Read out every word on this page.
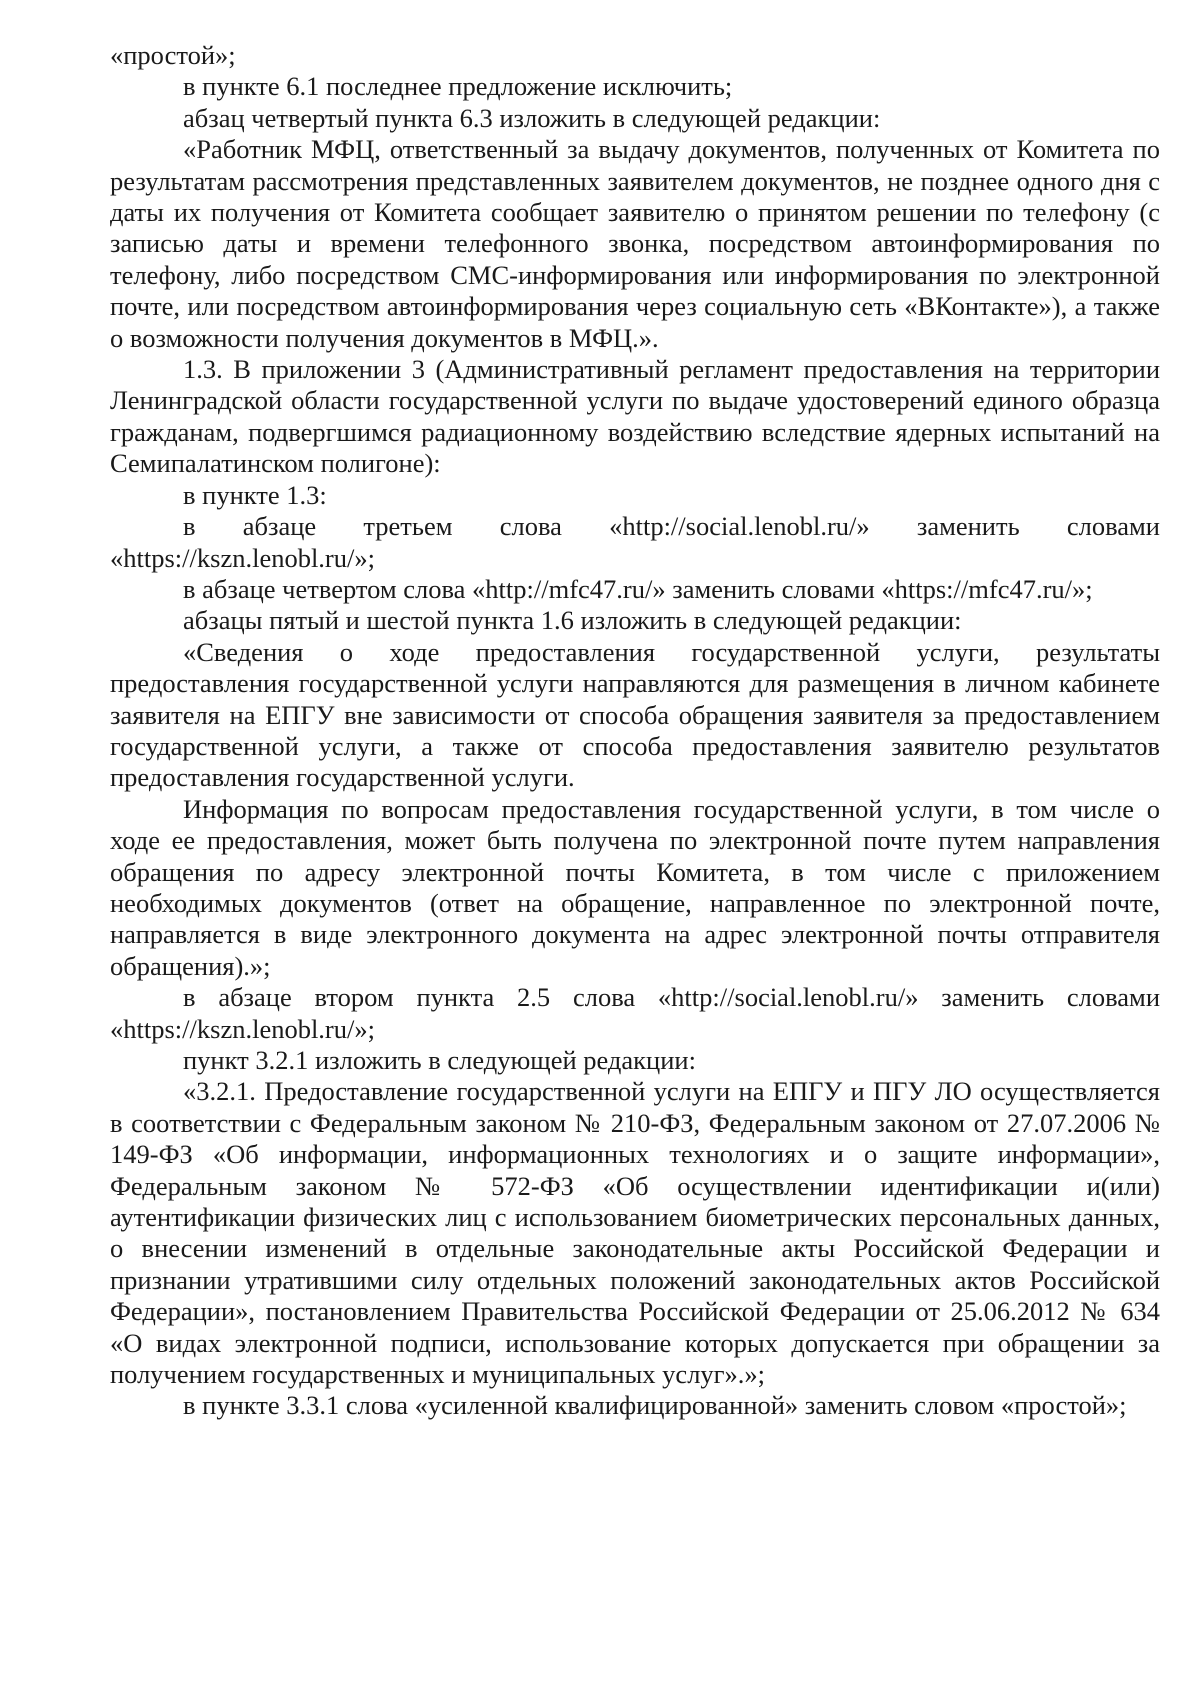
«простой»;

в пункте 6.1 последнее предложение исключить;

абзац четвертый пункта 6.3 изложить в следующей редакции:

«Работник МФЦ, ответственный за выдачу документов, полученных от Комитета по результатам рассмотрения представленных заявителем документов, не позднее одного дня с даты их получения от Комитета сообщает заявителю о принятом решении по телефону (с записью даты и времени телефонного звонка, посредством автоинформирования по телефону, либо посредством СМС-информирования или информирования по электронной почте, или посредством автоинформирования через социальную сеть «ВКонтакте»), а также о возможности получения документов в МФЦ.».

1.3. В приложении 3 (Административный регламент предоставления на территории Ленинградской области государственной услуги по выдаче удостоверений единого образца гражданам, подвергшимся радиационному воздействию вследствие ядерных испытаний на Семипалатинском полигоне):

в пункте 1.3:

в абзаце третьем слова «http://social.lenobl.ru/» заменить словами «https://kszn.lenobl.ru/»;

в абзаце четвертом слова «http://mfc47.ru/» заменить словами «https://mfc47.ru/»;

абзацы пятый и шестой пункта 1.6 изложить в следующей редакции:

«Сведения о ходе предоставления государственной услуги, результаты предоставления государственной услуги направляются для размещения в личном кабинете заявителя на ЕПГУ вне зависимости от способа обращения заявителя за предоставлением государственной услуги, а также от способа предоставления заявителю результатов предоставления государственной услуги.

Информация по вопросам предоставления государственной услуги, в том числе о ходе ее предоставления, может быть получена по электронной почте путем направления обращения по адресу электронной почты Комитета, в том числе с приложением необходимых документов (ответ на обращение, направленное по электронной почте, направляется в виде электронного документа на адрес электронной почты отправителя обращения).»;

в абзаце втором пункта 2.5 слова «http://social.lenobl.ru/» заменить словами «https://kszn.lenobl.ru/»;

пункт 3.2.1 изложить в следующей редакции:

«3.2.1. Предоставление государственной услуги на ЕПГУ и ПГУ ЛО осуществляется в соответствии с Федеральным законом № 210-ФЗ, Федеральным законом от 27.07.2006 № 149-ФЗ «Об информации, информационных технологиях и о защите информации», Федеральным законом № 572-ФЗ «Об осуществлении идентификации и(или) аутентификации физических лиц с использованием биометрических персональных данных, о внесении изменений в отдельные законодательные акты Российской Федерации и признании утратившими силу отдельных положений законодательных актов Российской Федерации», постановлением Правительства Российской Федерации от 25.06.2012 № 634 «О видах электронной подписи, использование которых допускается при обращении за получением государственных и муниципальных услуг».»;

в пункте 3.3.1 слова «усиленной квалифицированной» заменить словом «простой»;
